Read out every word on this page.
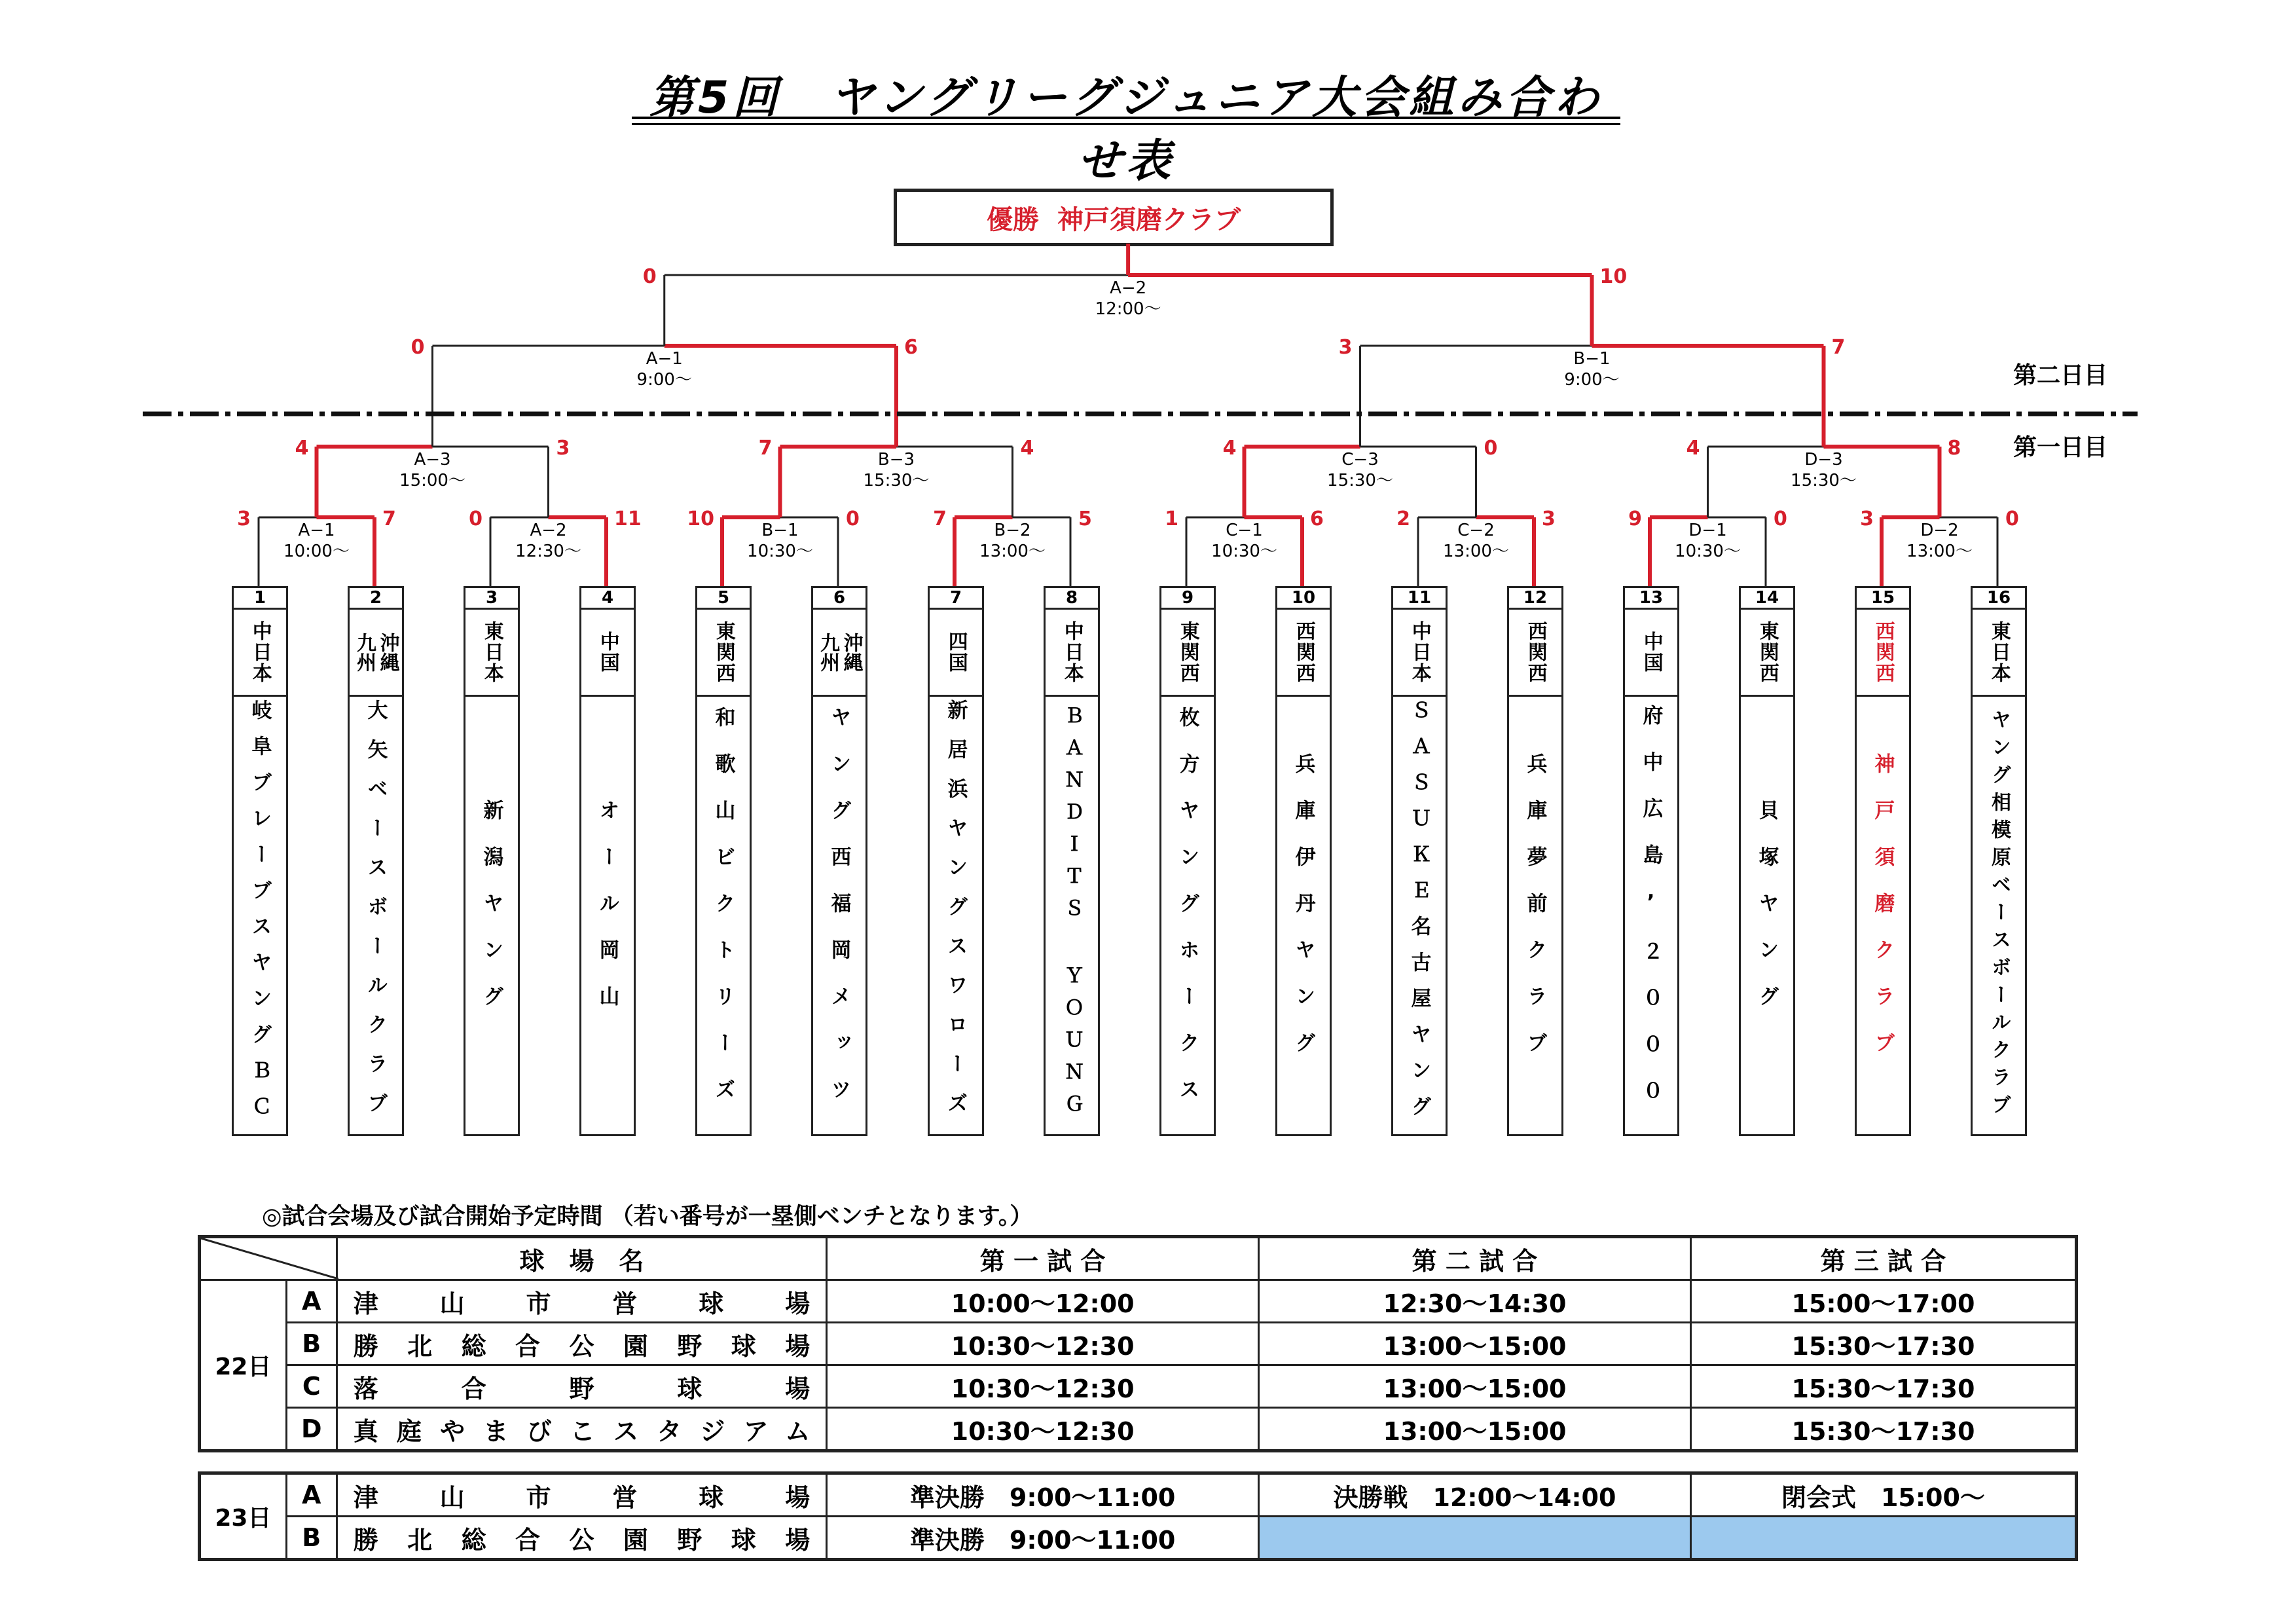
第5回　ヤングリーグジュニア大会組み合わせ表
優勝 神戸須磨クラブ
3	7
A−1
10:00〜
0	11
A−2
12:30〜
10	0
B−1
10:30〜
7	5
B−2
13:00〜
1	6
C−1
10:30〜
2	3
C−2
13:00〜
9	0
D−1
10:30〜
3	0
D−2
13:00〜
4	3
A−3
15:00〜
7	4
B−3
15:30〜
4	0
C−3
15:30〜
4	8
D−3
15:30〜
0	6
A−1
9:00〜
3	7
B−1
9:00〜
0	10
A−2
12:00〜
1
中日本
岐阜ブレーブスヤングＢＣ
2
九州 沖縄
大矢ベースボールクラブ
3
東日本
新潟ヤング
4
中国
オール岡山
5
東関西
和歌山ビクトリーズ
6
九州 沖縄
ヤング西福岡メッツ
7
四国
新居浜ヤングスワローズ
8
中日本
ＢＡＮＤＩＴＳ ＹＯＵＮＧ
9
東関西
枚方ヤングホークス
10
西関西
兵庫伊丹ヤング
11
中日本
ＳＡＳＵＫＥ名古屋ヤング
12
西関西
兵庫夢前クラブ
13
中国
府中広島’２０００
14
東関西
貝塚ヤング
15
西関西
神戸須磨クラブ
16
東日本
ヤング相模原ベースボールクラブ
第二日目
第一日目
◎試合会場及び試合開始予定時間 （若い番号が一塁側ベンチとなります。）
	球　場　名	第 一 試 合	第 二 試 合	第 三 試 合
22日	A	津山市営球場	10:00〜12:00	12:30〜14:30	15:00〜17:00
	B	勝北総合公園野球場	10:30〜12:30	13:00〜15:00	15:30〜17:30
	C	落合野球場	10:30〜12:30	13:00〜15:00	15:30〜17:30
	D	真庭やまびこスタジアム	10:30〜12:30	13:00〜15:00	15:30〜17:30
23日	A	津山市営球場	準決勝　9:00〜11:00	決勝戦　12:00〜14:00	閉会式　15:00〜
	B	勝北総合公園野球場	準決勝　9:00〜11:00		
